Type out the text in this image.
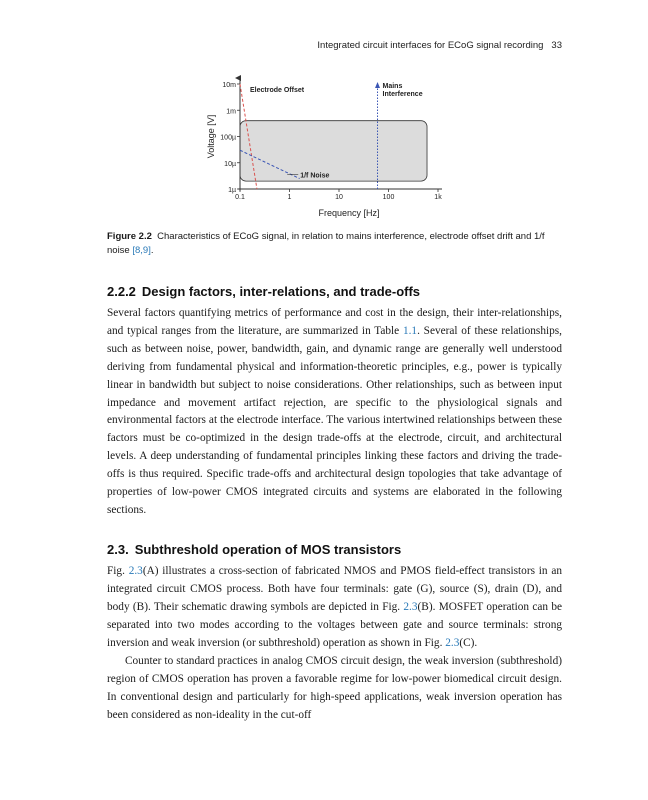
Integrated circuit interfaces for ECoG signal recording 33
1µ
10µ
100µ
1m
10m
0.1	1	10	100	1k
Electrode Offset
Mains
Interference
1/f Noise
Frequency [Hz]
Voltage [V]
Figure 2.2 Characteristics of ECoG signal, in relation to mains interference, electrode offset drift and 1/f noise [8,9].
2.2.2 Design factors, inter-relations, and trade-offs

Several factors quantifying metrics of performance and cost in the design, their inter-relationships, and typical ranges from the literature, are summarized in Table 1.1. Several of these relationships, such as between noise, power, bandwidth, gain, and dynamic range are generally well understood deriving from fundamental physical and information-theoretic principles, e.g., power is typically linear in bandwidth but subject to noise considerations. Other relationships, such as between input impedance and movement artifact rejection, are specific to the physiological signals and environmental factors at the electrode interface. The various intertwined relationships between these factors must be co-optimized in the design trade-offs at the electrode, circuit, and architectural levels. A deep understanding of fundamental principles linking these factors and driving the trade-offs is thus required. Specific trade-offs and architectural design topologies that take advantage of properties of low-power CMOS integrated circuits and systems are elaborated in the following sections.

2.3. Subthreshold operation of MOS transistors

Fig. 2.3(A) illustrates a cross-section of fabricated NMOS and PMOS field-effect transistors in an integrated circuit CMOS process. Both have four terminals: gate (G), source (S), drain (D), and body (B). Their schematic drawing symbols are depicted in Fig. 2.3(B). MOSFET operation can be separated into two modes according to the voltages between gate and source terminals: strong inversion and weak inversion (or subthreshold) operation as shown in Fig. 2.3(C).

Counter to standard practices in analog CMOS circuit design, the weak inversion (subthreshold) region of CMOS operation has proven a favorable regime for low-power biomedical circuit design. In conventional design and particularly for high-speed applications, weak inversion operation has been considered as non-ideality in the cut-off
